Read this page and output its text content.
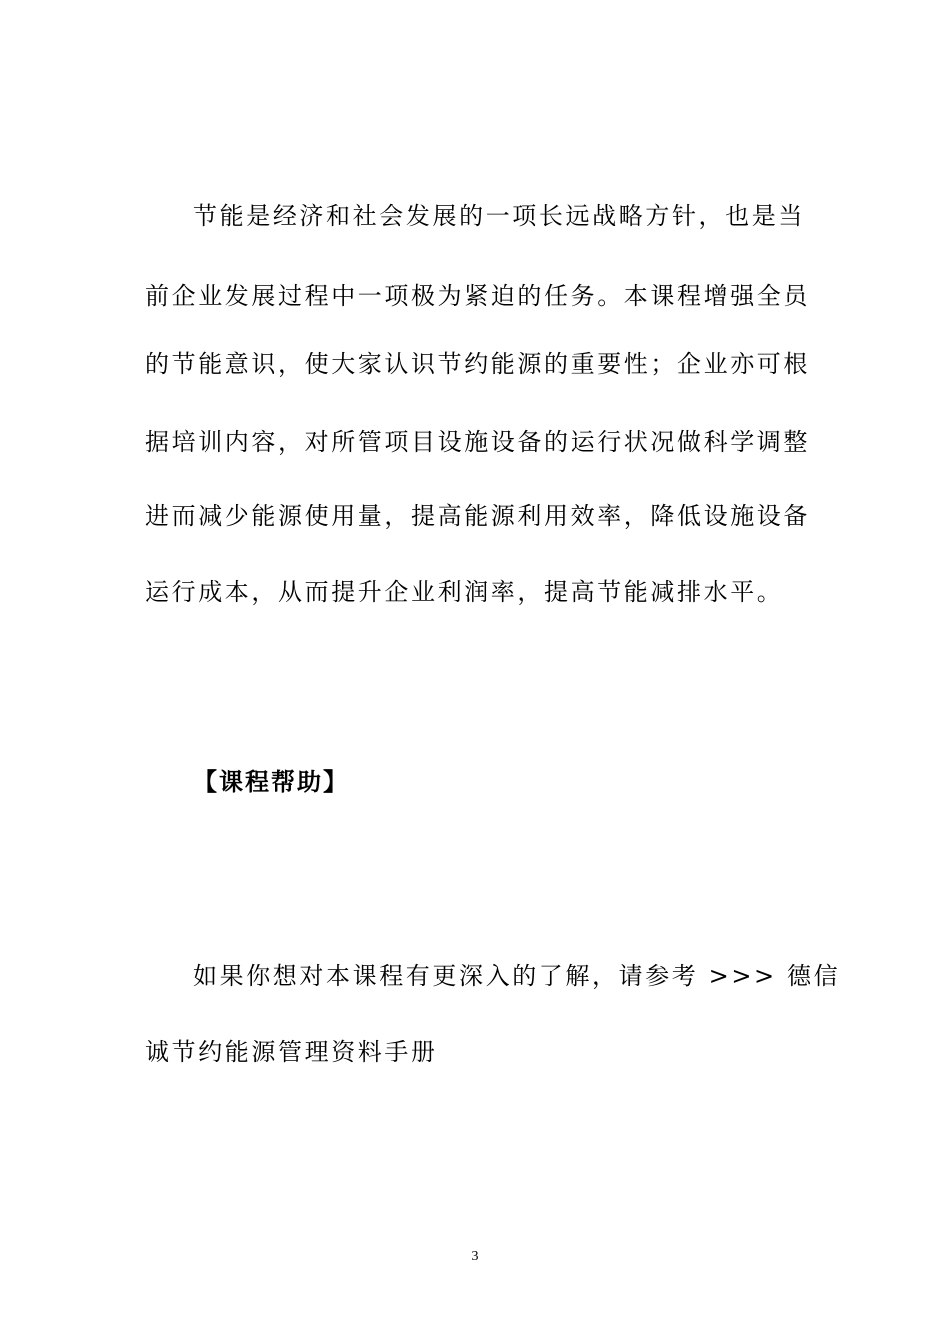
节能是经济和社会发展的一项长远战略方针，也是当
前企业发展过程中一项极为紧迫的任务。本课程增强全员
的节能意识，使大家认识节约能源的重要性；企业亦可根
据培训内容，对所管项目设施设备的运行状况做科学调整
进而减少能源使用量，提高能源利用效率，降低设施设备
运行成本，从而提升企业利润率，提高节能减排水平。
【课程帮助】
如果你想对本课程有更深入的了解，请参考 >>> 德信
诚节约能源管理资料手册
3
